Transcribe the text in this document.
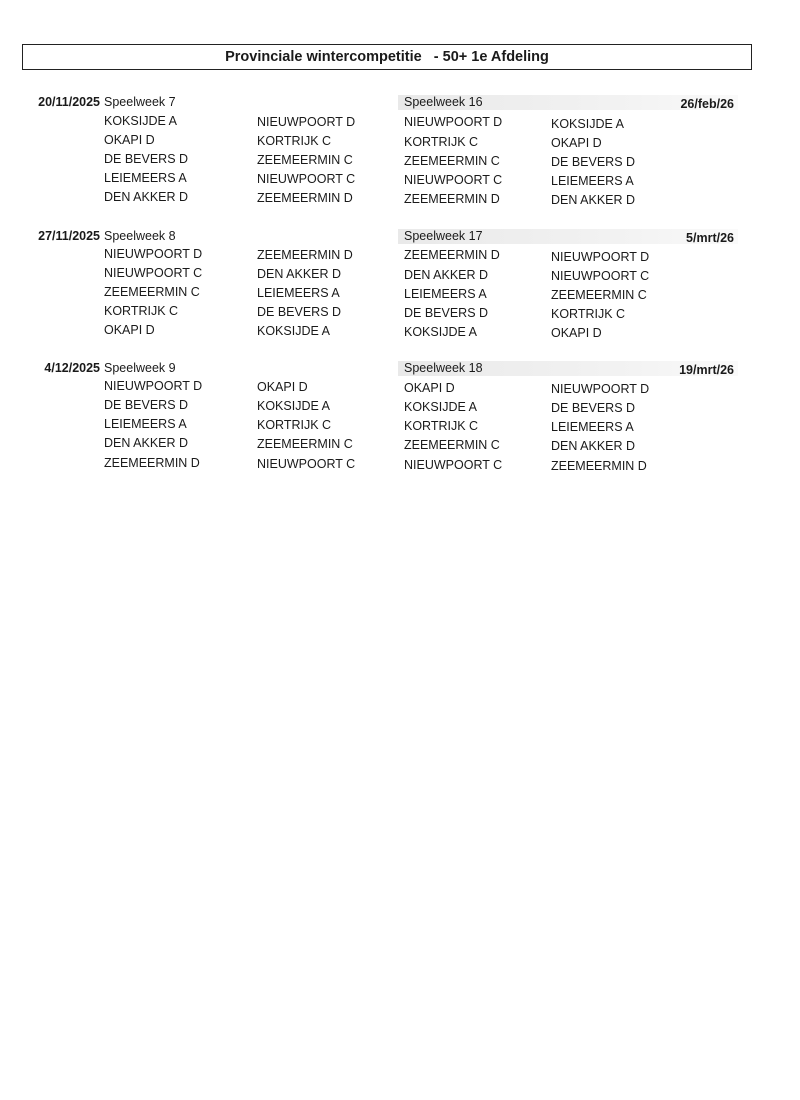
Provinciale wintercompetitie   - 50+ 1e Afdeling
20/11/2025 Speelweek 7	Speelweek 16	26/feb/26
KOKSIJDE A	NIEUWPOORT D	NIEUWPOORT D	KOKSIJDE A
OKAPI D	KORTRIJK C	KORTRIJK C	OKAPI D
DE BEVERS D	ZEEMEERMIN C	ZEEMEERMIN C	DE BEVERS D
LEIEMEERS A	NIEUWPOORT C	NIEUWPOORT C	LEIEMEERS A
DEN AKKER D	ZEEMEERMIN D	ZEEMEERMIN D	DEN AKKER D
27/11/2025 Speelweek 8	Speelweek 17	5/mrt/26
NIEUWPOORT D	ZEEMEERMIN D	ZEEMEERMIN D	NIEUWPOORT D
NIEUWPOORT C	DEN AKKER D	DEN AKKER D	NIEUWPOORT C
ZEEMEERMIN C	LEIEMEERS A	LEIEMEERS A	ZEEMEERMIN C
KORTRIJK C	DE BEVERS D	DE BEVERS D	KORTRIJK C
OKAPI D	KOKSIJDE A	KOKSIJDE A	OKAPI D
4/12/2025 Speelweek 9	Speelweek 18	19/mrt/26
NIEUWPOORT D	OKAPI D	OKAPI D	NIEUWPOORT D
DE BEVERS D	KOKSIJDE A	KOKSIJDE A	DE BEVERS D
LEIEMEERS A	KORTRIJK C	KORTRIJK C	LEIEMEERS A
DEN AKKER D	ZEEMEERMIN C	ZEEMEERMIN C	DEN AKKER D
ZEEMEERMIN D	NIEUWPOORT C	NIEUWPOORT C	ZEEMEERMIN D
